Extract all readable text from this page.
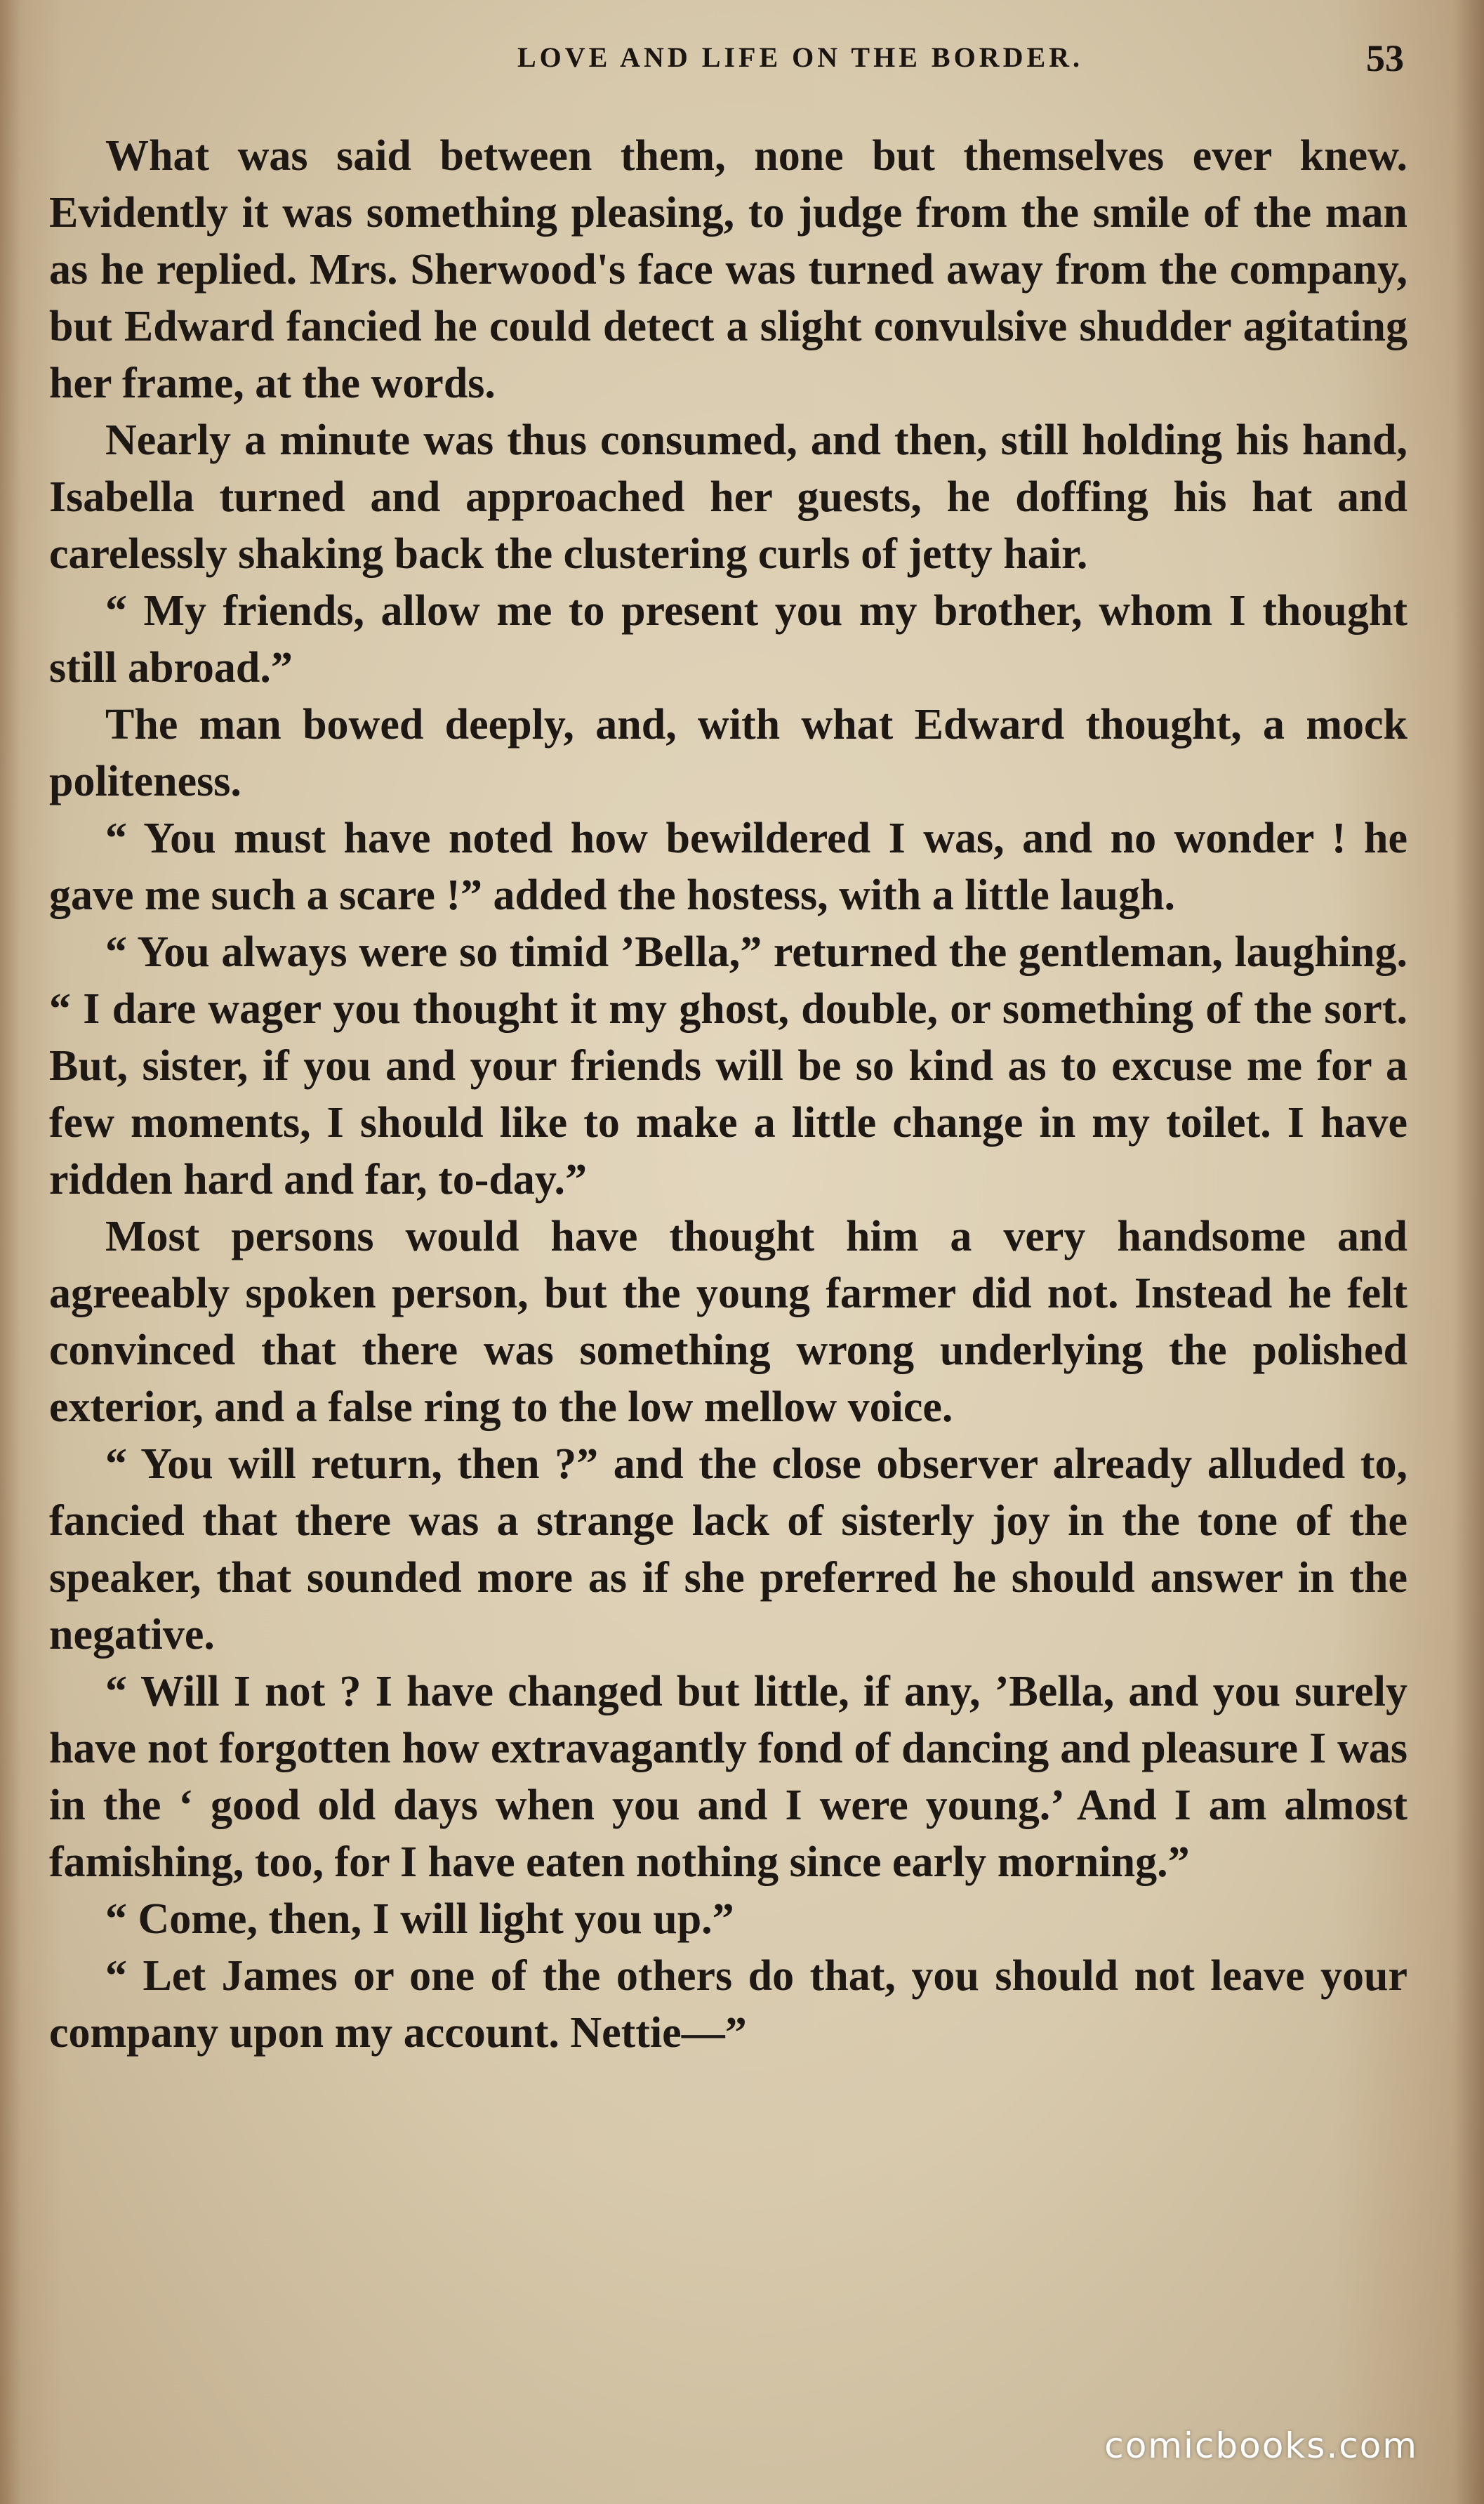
LOVE AND LIFE ON THE BORDER.	53

What was said between them, none but themselves ever knew. Evidently it was something pleasing, to judge from the smile of the man as he replied. Mrs. Sherwood's face was turned away from the company, but Edward fancied he could detect a slight convulsive shudder agitating her frame, at the words.

Nearly a minute was thus consumed, and then, still holding his hand, Isabella turned and approached her guests, he doffing his hat and carelessly shaking back the clustering curls of jetty hair.

“ My friends, allow me to present you my brother, whom I thought still abroad.”

The man bowed deeply, and, with what Edward thought, a mock politeness.

“ You must have noted how bewildered I was, and no wonder ! he gave me such a scare !” added the hostess, with a little laugh.

“ You always were so timid ’Bella,” returned the gentleman, laughing. “ I dare wager you thought it my ghost, double, or something of the sort. But, sister, if you and your friends will be so kind as to excuse me for a few moments, I should like to make a little change in my toilet. I have ridden hard and far, to-day.”

Most persons would have thought him a very handsome and agreeably spoken person, but the young farmer did not. Instead he felt convinced that there was something wrong underlying the polished exterior, and a false ring to the low mellow voice.

“ You will return, then ?” and the close observer already alluded to, fancied that there was a strange lack of sisterly joy in the tone of the speaker, that sounded more as if she preferred he should answer in the negative.

“ Will I not ? I have changed but little, if any, ’Bella, and you surely have not forgotten how extravagantly fond of dancing and pleasure I was in the ‘ good old days when you and I were young.’ And I am almost famishing, too, for I have eaten nothing since early morning.”

“ Come, then, I will light you up.”

“ Let James or one of the others do that, you should not leave your company upon my account. Nettie—”

comicbooks.com
